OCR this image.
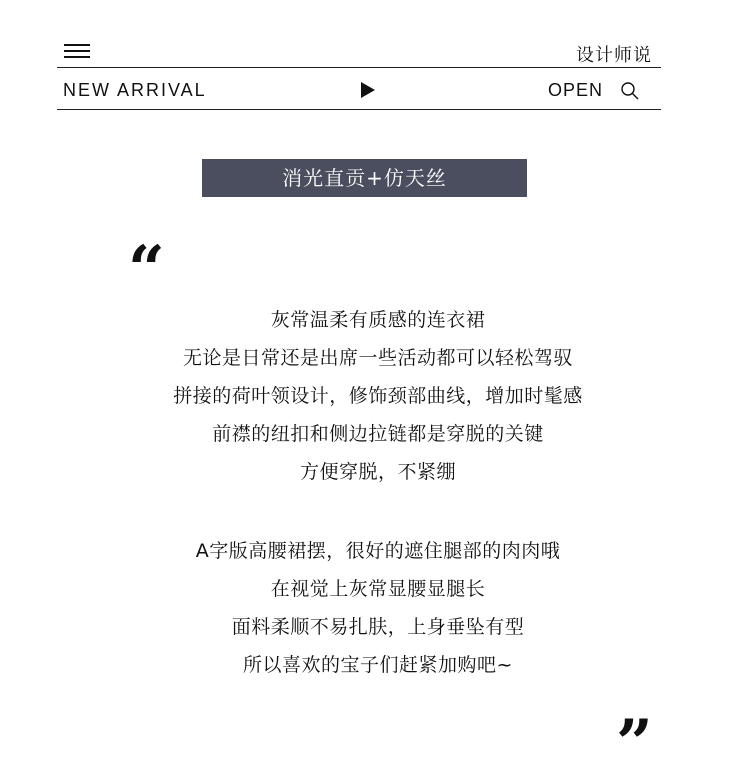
设计师说
NEW ARRIVAL	OPEN
消光直贡+仿天丝
“
灰常温柔有质感的连衣裙
无论是日常还是出席一些活动都可以轻松驾驭
拼接的荷叶领设计，修饰颈部曲线，增加时髦感
前襟的纽扣和侧边拉链都是穿脱的关键
方便穿脱，不紧绷
A字版高腰裙摆，很好的遮住腿部的肉肉哦
在视觉上灰常显腰显腿长
面料柔顺不易扎肤，上身垂坠有型
所以喜欢的宝子们赶紧加购吧~
”
